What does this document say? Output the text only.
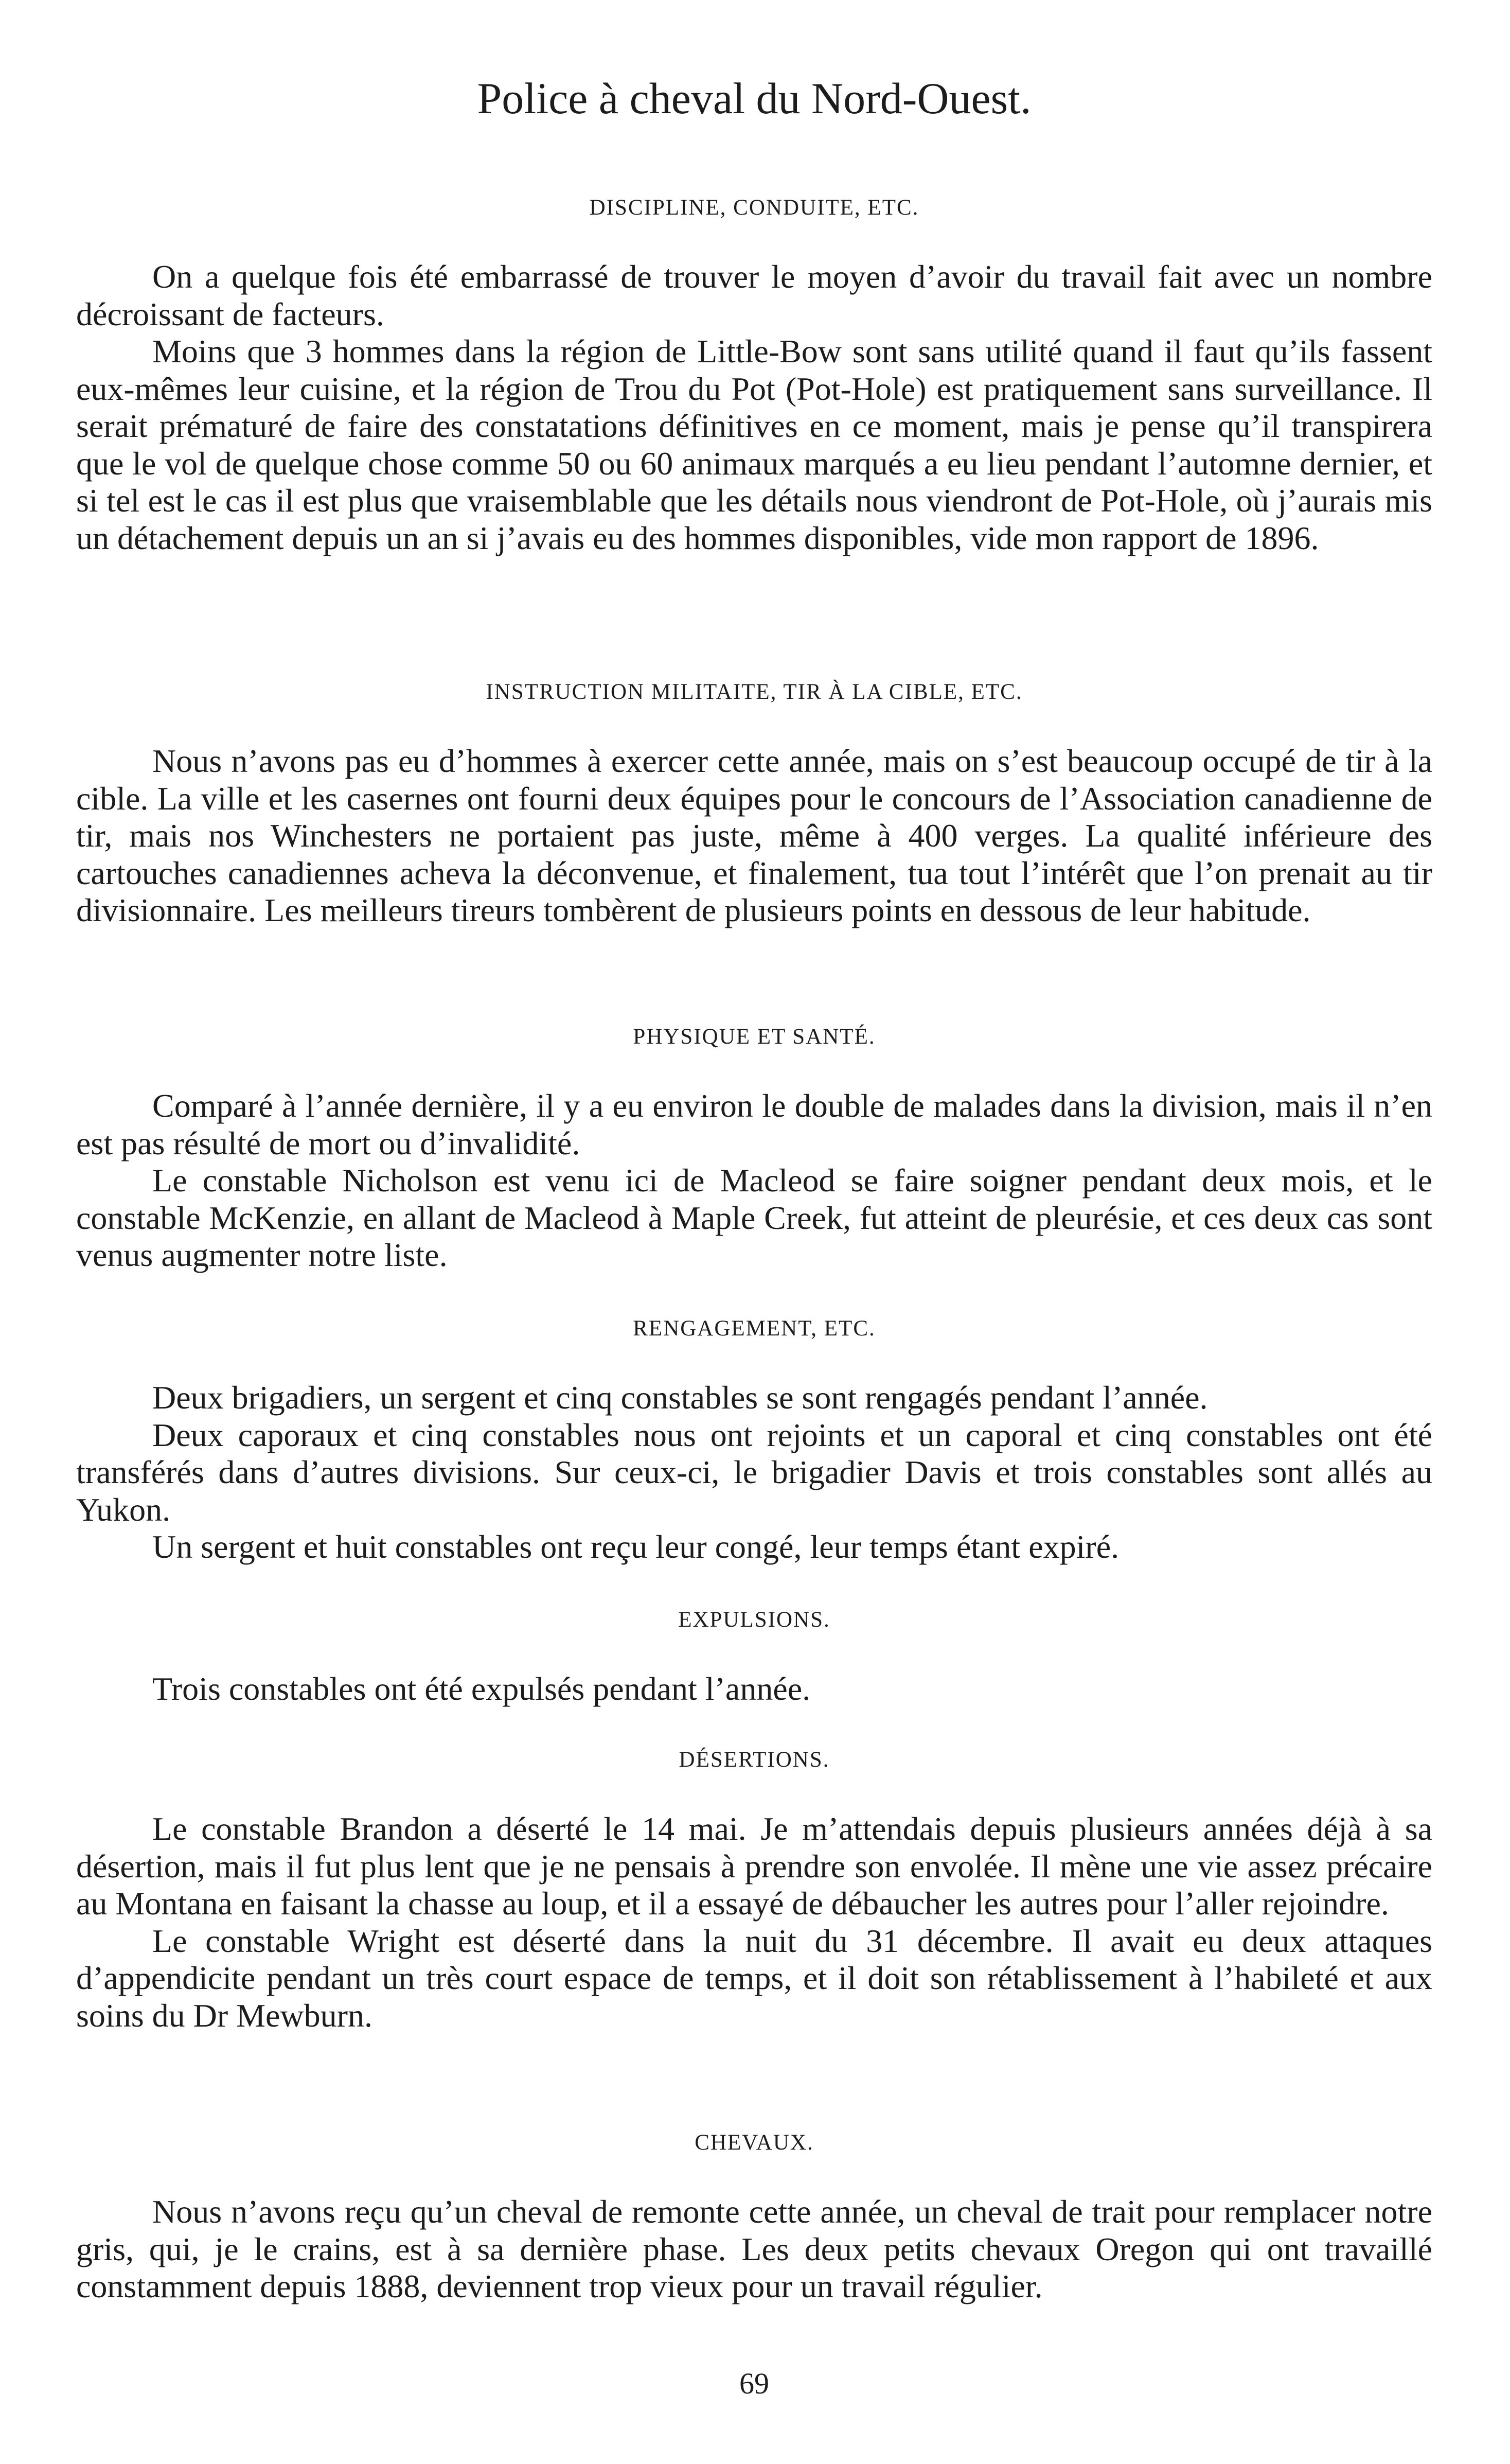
Police à cheval du Nord-Ouest.
DISCIPLINE, CONDUITE, ETC.

On a quelque fois été embarrassé de trouver le moyen d’avoir du travail fait avec un nombre décroissant de facteurs.

Moins que 3 hommes dans la région de Little-Bow sont sans utilité quand il faut qu’ils fassent eux-mêmes leur cuisine, et la région de Trou du Pot (Pot-Hole) est pratiquement sans surveillance. Il serait prématuré de faire des constatations définitives en ce moment, mais je pense qu’il transpirera que le vol de quelque chose comme 50 ou 60 animaux marqués a eu lieu pendant l’automne dernier, et si tel est le cas il est plus que vraisemblable que les détails nous viendront de Pot-Hole, où j’aurais mis un détachement depuis un an si j’avais eu des hommes disponibles, vide mon rapport de 1896.

INSTRUCTION MILITAITE, TIR À LA CIBLE, ETC.

Nous n’avons pas eu d’hommes à exercer cette année, mais on s’est beaucoup occupé de tir à la cible. La ville et les casernes ont fourni deux équipes pour le concours de l’Association canadienne de tir, mais nos Winchesters ne portaient pas juste, même à 400 verges. La qualité inférieure des cartouches canadiennes acheva la déconvenue, et finalement, tua tout l’intérêt que l’on prenait au tir divisionnaire. Les meilleurs tireurs tombèrent de plusieurs points en dessous de leur habitude.

PHYSIQUE ET SANTÉ.

Comparé à l’année dernière, il y a eu environ le double de malades dans la division, mais il n’en est pas résulté de mort ou d’invalidité.

Le constable Nicholson est venu ici de Macleod se faire soigner pendant deux mois, et le constable McKenzie, en allant de Macleod à Maple Creek, fut atteint de pleurésie, et ces deux cas sont venus augmenter notre liste.

RENGAGEMENT, ETC.

Deux brigadiers, un sergent et cinq constables se sont rengagés pendant l’année.

Deux caporaux et cinq constables nous ont rejoints et un caporal et cinq constables ont été transférés dans d’autres divisions. Sur ceux-ci, le brigadier Davis et trois constables sont allés au Yukon.

Un sergent et huit constables ont reçu leur congé, leur temps étant expiré.

EXPULSIONS.

Trois constables ont été expulsés pendant l’année.

DÉSERTIONS.

Le constable Brandon a déserté le 14 mai. Je m’attendais depuis plusieurs années déjà à sa désertion, mais il fut plus lent que je ne pensais à prendre son envolée. Il mène une vie assez précaire au Montana en faisant la chasse au loup, et il a essayé de débaucher les autres pour l’aller rejoindre.

Le constable Wright est déserté dans la nuit du 31 décembre. Il avait eu deux attaques d’appendicite pendant un très court espace de temps, et il doit son rétablissement à l’habileté et aux soins du Dr Mewburn.

CHEVAUX.

Nous n’avons reçu qu’un cheval de remonte cette année, un cheval de trait pour remplacer notre gris, qui, je le crains, est à sa dernière phase. Les deux petits chevaux Oregon qui ont travaillé constamment depuis 1888, deviennent trop vieux pour un travail régulier.

69
